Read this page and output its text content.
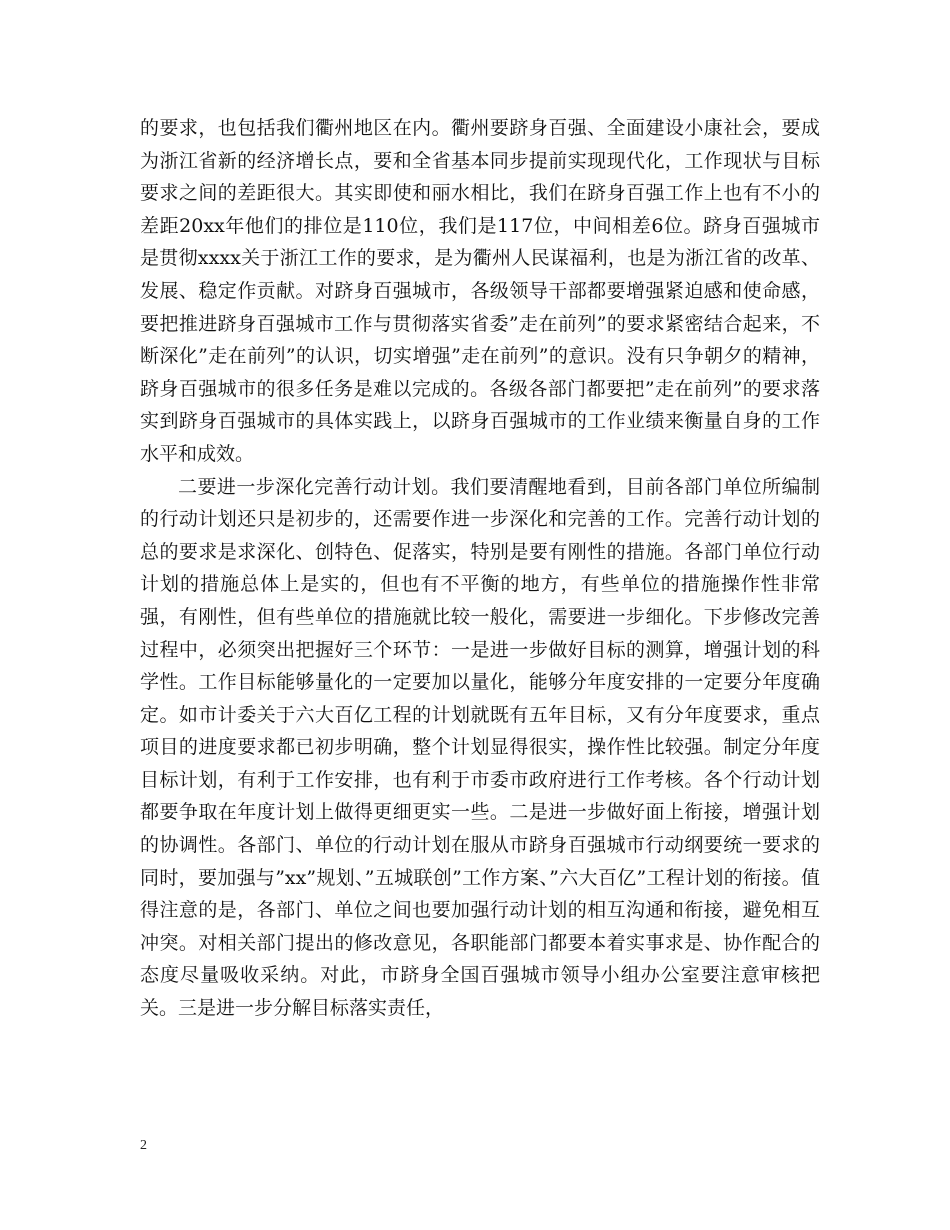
的要求，也包括我们衢州地区在内。衢州要跻身百强、全面建设小康社会，要成为浙江省新的经济增长点，要和全省基本同步提前实现现代化，工作现状与目标要求之间的差距很大。其实即使和丽水相比，我们在跻身百强工作上也有不小的差距20xx年他们的排位是110位，我们是117位，中间相差6位。跻身百强城市是贯彻xxxx关于浙江工作的要求，是为衢州人民谋福利，也是为浙江省的改革、发展、稳定作贡献。对跻身百强城市，各级领导干部都要增强紧迫感和使命感，要把推进跻身百强城市工作与贯彻落实省委”走在前列”的要求紧密结合起来，不断深化”走在前列”的认识，切实增强”走在前列”的意识。没有只争朝夕的精神，跻身百强城市的很多任务是难以完成的。各级各部门都要把”走在前列”的要求落实到跻身百强城市的具体实践上，以跻身百强城市的工作业绩来衡量自身的工作水平和成效。

二要进一步深化完善行动计划。我们要清醒地看到，目前各部门单位所编制的行动计划还只是初步的，还需要作进一步深化和完善的工作。完善行动计划的总的要求是求深化、创特色、促落实，特别是要有刚性的措施。各部门单位行动计划的措施总体上是实的，但也有不平衡的地方，有些单位的措施操作性非常强，有刚性，但有些单位的措施就比较一般化，需要进一步细化。下步修改完善过程中，必须突出把握好三个环节：一是进一步做好目标的测算，增强计划的科学性。工作目标能够量化的一定要加以量化，能够分年度安排的一定要分年度确定。如市计委关于六大百亿工程的计划就既有五年目标，又有分年度要求，重点项目的进度要求都已初步明确，整个计划显得很实，操作性比较强。制定分年度目标计划，有利于工作安排，也有利于市委市政府进行工作考核。各个行动计划都要争取在年度计划上做得更细更实一些。二是进一步做好面上衔接，增强计划的协调性。各部门、单位的行动计划在服从市跻身百强城市行动纲要统一要求的同时，要加强与”xx”规划、”五城联创”工作方案、”六大百亿”工程计划的衔接。值得注意的是，各部门、单位之间也要加强行动计划的相互沟通和衔接，避免相互冲突。对相关部门提出的修改意见，各职能部门都要本着实事求是、协作配合的态度尽量吸收采纳。对此，市跻身全国百强城市领导小组办公室要注意审核把关。三是进一步分解目标落实责任，

2
